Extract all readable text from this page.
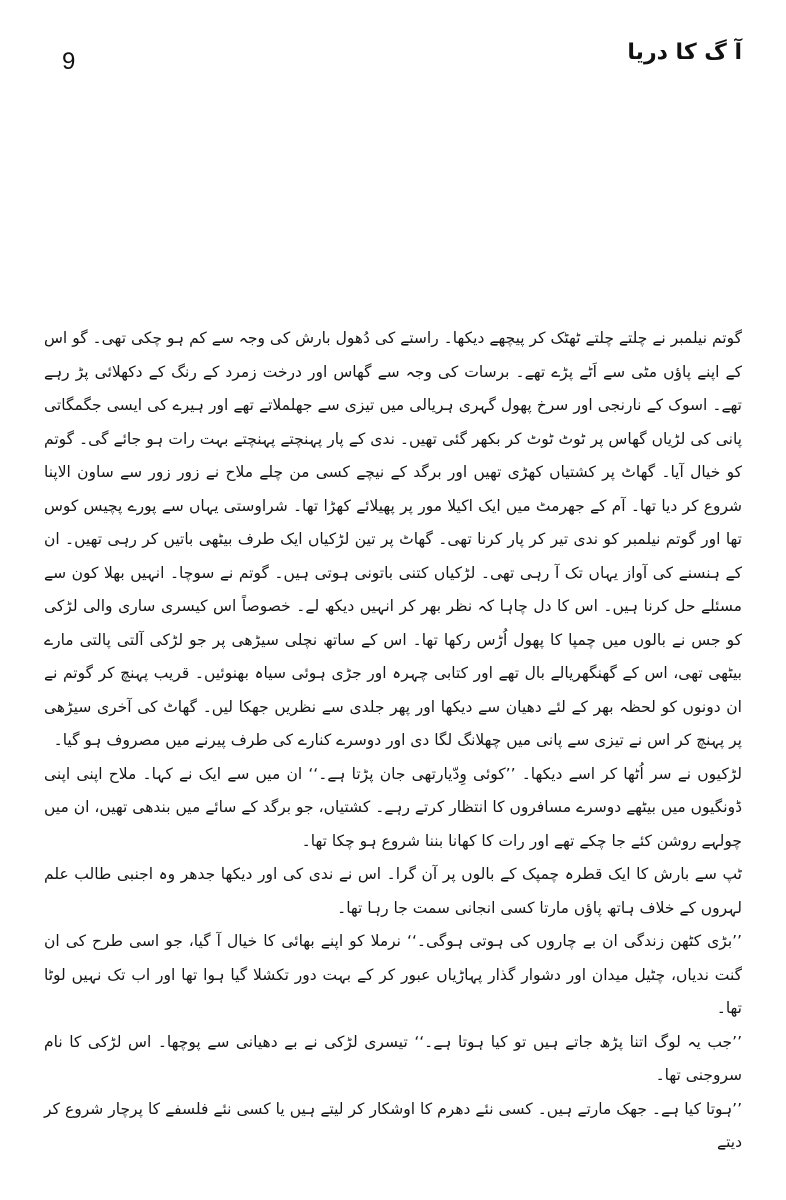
9	آ گ کا دریا

گوتم نیلمبر نے چلتے چلتے ٹھٹک کر پیچھے دیکھا۔ راستے کی دُھول بارش کی وجہ سے کم ہو چکی تھی۔ گو اس کے اپنے پاؤں مٹی سے اَٹے پڑے تھے۔ برسات کی وجہ سے گھاس اور درخت زمرد کے رنگ کے دکھلائی پڑ رہے تھے۔ اسوک کے نارنجی اور سرخ پھول گہری ہریالی میں تیزی سے جھلملاتے تھے اور ہیرے کی ایسی جگمگاتی پانی کی لڑیاں گھاس پر ٹوٹ ٹوٹ کر بکھر گئی تھیں۔ ندی کے پار پہنچتے پہنچتے بہت رات ہو جائے گی۔ گوتم کو خیال آیا۔ گھاٹ پر کشتیاں کھڑی تھیں اور برگد کے نیچے کسی من چلے ملاح نے زور زور سے ساون الاپنا شروع کر دیا تھا۔ آم کے جھرمٹ میں ایک اکیلا مور پر پھیلائے کھڑا تھا۔ شراوستی یہاں سے پورے پچیس کوس تھا اور گوتم نیلمبر کو ندی تیر کر پار کرنا تھی۔ گھاٹ پر تین لڑکیاں ایک طرف بیٹھی باتیں کر رہی تھیں۔ ان کے ہنسنے کی آواز یہاں تک آ رہی تھی۔ لڑکیاں کتنی باتونی ہوتی ہیں۔ گوتم نے سوچا۔ انہیں بھلا کون سے مسئلے حل کرنا ہیں۔ اس کا دل چاہا کہ نظر بھر کر انہیں دیکھ لے۔ خصوصاً اس کیسری ساری والی لڑکی کو جس نے بالوں میں چمپا کا پھول اُڑس رکھا تھا۔ اس کے ساتھ نچلی سیڑھی پر جو لڑکی آلتی پالتی مارے بیٹھی تھی، اس کے گھنگھریالے بال تھے اور کتابی چہرہ اور جڑی ہوئی سیاہ بھنوئیں۔ قریب پہنچ کر گوتم نے ان دونوں کو لحظہ بھر کے لئے دھیان سے دیکھا اور پھر جلدی سے نظریں جھکا لیں۔ گھاٹ کی آخری سیڑھی پر پہنچ کر اس نے تیزی سے پانی میں چھلانگ لگا دی اور دوسرے کنارے کی طرف پیرنے میں مصروف ہو گیا۔

لڑکیوں نے سر اُٹھا کر اسے دیکھا۔ ’’کوئی وِدّیارتھی جان پڑتا ہے۔‘‘ ان میں سے ایک نے کہا۔ ملاح اپنی اپنی ڈونگیوں میں بیٹھے دوسرے مسافروں کا انتظار کرتے رہے۔ کشتیاں، جو برگد کے سائے میں بندھی تھیں، ان میں چولہے روشن کئے جا چکے تھے اور رات کا کھانا بننا شروع ہو چکا تھا۔

ٹپ سے بارش کا ایک قطرہ چمپک کے بالوں پر آن گرا۔ اس نے ندی کی اور دیکھا جدھر وہ اجنبی طالب علم لہروں کے خلاف ہاتھ پاؤں مارتا کسی انجانی سمت جا رہا تھا۔

’’بڑی کٹھن زندگی ان بے چاروں کی ہوتی ہوگی۔‘‘ نرملا کو اپنے بھائی کا خیال آ گیا، جو اسی طرح کی ان گنت ندیاں، چٹیل میدان اور دشوار گذار پہاڑیاں عبور کر کے بہت دور تکشلا گیا ہوا تھا اور اب تک نہیں لوٹا تھا۔

’’جب یہ لوگ اتنا پڑھ جاتے ہیں تو کیا ہوتا ہے۔‘‘ تیسری لڑکی نے بے دھیانی سے پوچھا۔ اس لڑکی کا نام سروجنی تھا۔

’’ہوتا کیا ہے۔ جھک مارتے ہیں۔ کسی نئے دھرم کا اوشکار کر لیتے ہیں یا کسی نئے فلسفے کا پرچار شروع کر دیتے
